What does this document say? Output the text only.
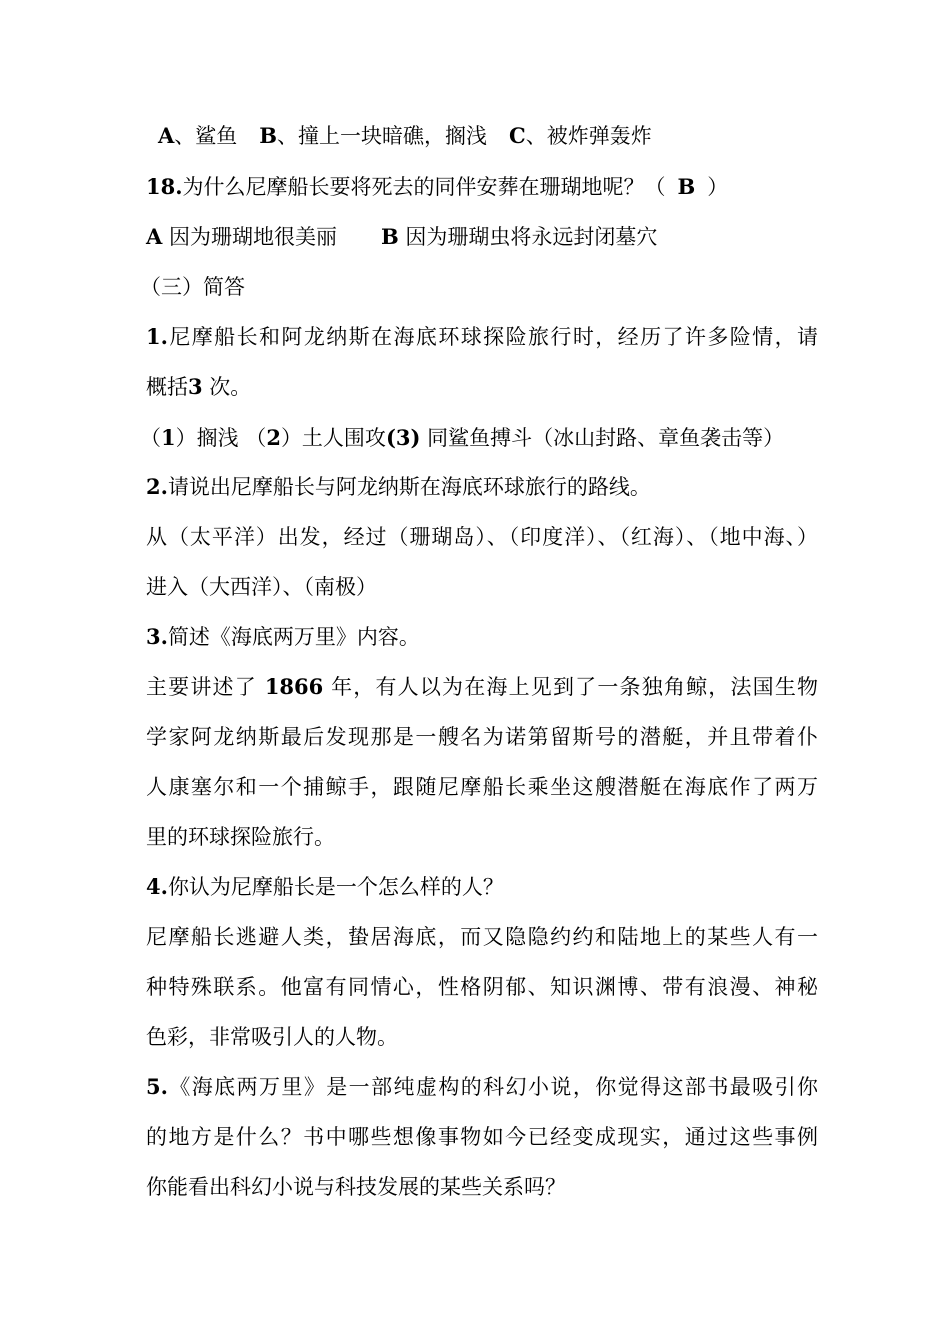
A、鲨鱼 B、撞上一块暗礁，搁浅 C、被炸弹轰炸
18.为什么尼摩船长要将死去的同伴安葬在珊瑚地呢？（ B ）
A 因为珊瑚地很美丽 B 因为珊瑚虫将永远封闭墓穴
（三）简答
1.尼摩船长和阿龙纳斯在海底环球探险旅行时，经历了许多险情，请
概括3 次。
（1）搁浅 （2）土人围攻(3) 同鲨鱼搏斗（冰山封路、章鱼袭击等）
2.请说出尼摩船长与阿龙纳斯在海底环球旅行的路线。
从（太平洋）出发，经过（珊瑚岛）、（印度洋）、（红海）、（地中海、）
进入（大西洋）、（南极）
3.简述《海底两万里》内容。
主要讲述了 1866 年，有人以为在海上见到了一条独角鲸，法国生物
学家阿龙纳斯最后发现那是一艘名为诺第留斯号的潜艇，并且带着仆
人康塞尔和一个捕鲸手，跟随尼摩船长乘坐这艘潜艇在海底作了两万
里的环球探险旅行。
4.你认为尼摩船长是一个怎么样的人？
尼摩船长逃避人类，蛰居海底，而又隐隐约约和陆地上的某些人有一
种特殊联系。他富有同情心，性格阴郁、知识渊博、带有浪漫、神秘
色彩，非常吸引人的人物。
5.《海底两万里》是一部纯虚构的科幻小说，你觉得这部书最吸引你
的地方是什么？书中哪些想像事物如今已经变成现实，通过这些事例
你能看出科幻小说与科技发展的某些关系吗？
